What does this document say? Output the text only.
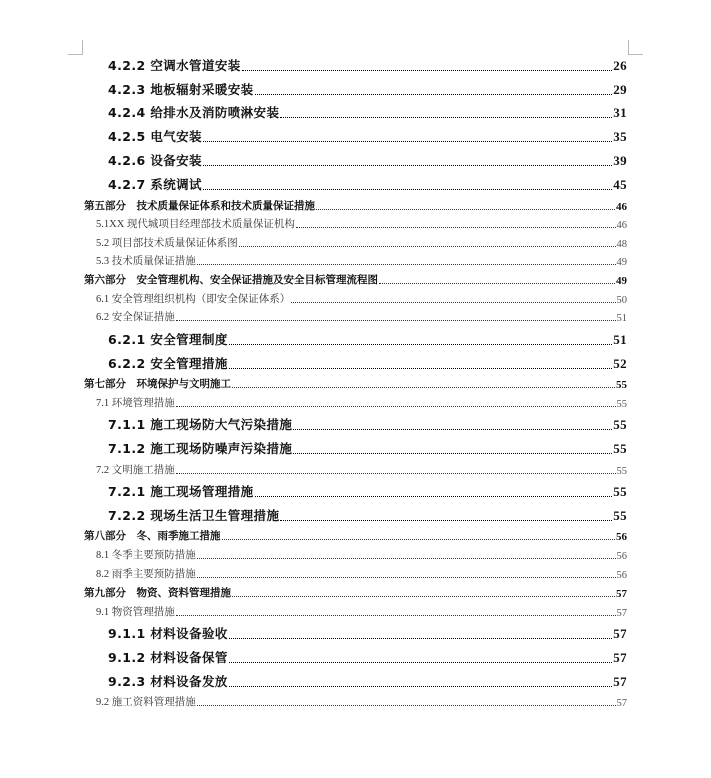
4.2.2 空调水管道安装	26
4.2.3 地板辐射采暖安装	29
4.2.4 给排水及消防喷淋安装	31
4.2.5 电气安装	35
4.2.6 设备安装	39
4.2.7 系统调试	45
第五部分　技术质量保证体系和技术质量保证措施	46
5.1XX 现代城项目经理部技术质量保证机构	46
5.2 项目部技术质量保证体系图	48
5.3 技术质量保证措施	49
第六部分　安全管理机构、安全保证措施及安全目标管理流程图	49
6.1 安全管理组织机构（即安全保证体系）	50
6.2 安全保证措施	51
6.2.1 安全管理制度	51
6.2.2 安全管理措施	52
第七部分　环境保护与文明施工	55
7.1 环境管理措施	55
7.1.1 施工现场防大气污染措施	55
7.1.2 施工现场防噪声污染措施	55
7.2 文明施工措施	55
7.2.1 施工现场管理措施	55
7.2.2 现场生活卫生管理措施	55
第八部分　冬、雨季施工措施	56
8.1 冬季主要预防措施	56
8.2 雨季主要预防措施	56
第九部分　物资、资料管理措施	57
9.1 物资管理措施	57
9.1.1 材料设备验收	57
9.1.2 材料设备保管	57
9.2.3 材料设备发放	57
9.2 施工资料管理措施	57
